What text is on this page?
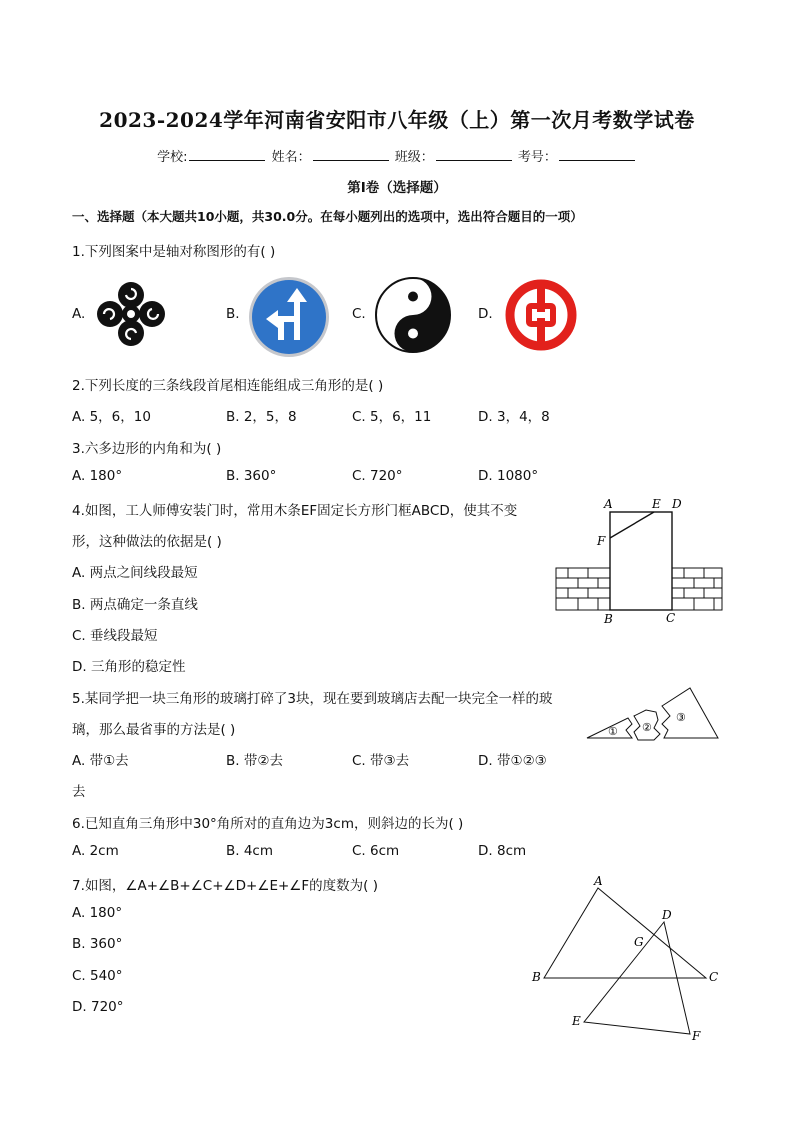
2023-2024学年河南省安阳市八年级（上）第一次月考数学试卷
学校:	姓名：	班级：	考号：
第I卷（选择题）
一、选择题（本大题共10小题，共30.0分。在每小题列出的选项中，选出符合题目的一项）
1.下列图案中是轴对称图形的有( )
A.	B.	C.	D.
2.下列长度的三条线段首尾相连能组成三角形的是( )
A. 5，6，10	B. 2，5，8	C. 5，6，11	D. 3，4，8
3.六多边形的内角和为( )
A. 180°	B. 360°	C. 720°	D. 1080°
4.如图，工人师傅安装门时，常用木条EF固定长方形门框ABCD，使其不变
形，这种做法的依据是( )
A. 两点之间线段最短
B. 两点确定一条直线
C. 垂线段最短
D. 三角形的稳定性
A	E D
F
B	C
5.某同学把一块三角形的玻璃打碎了3块，现在要到玻璃店去配一块完全一样的玻
璃，那么最省事的方法是( )
A. 带①去	B. 带②去	C. 带③去	D. 带①②③
去
① ②
③
6.已知直角三角形中30°角所对的直角边为3cm，则斜边的长为( )
A. 2cm	B. 4cm	C. 6cm	D. 8cm
7.如图，∠A+∠B+∠C+∠D+∠E+∠F的度数为( )
A. 180°
B. 360°
C. 540°
D. 720°
A
D
G
B	C
E
F
